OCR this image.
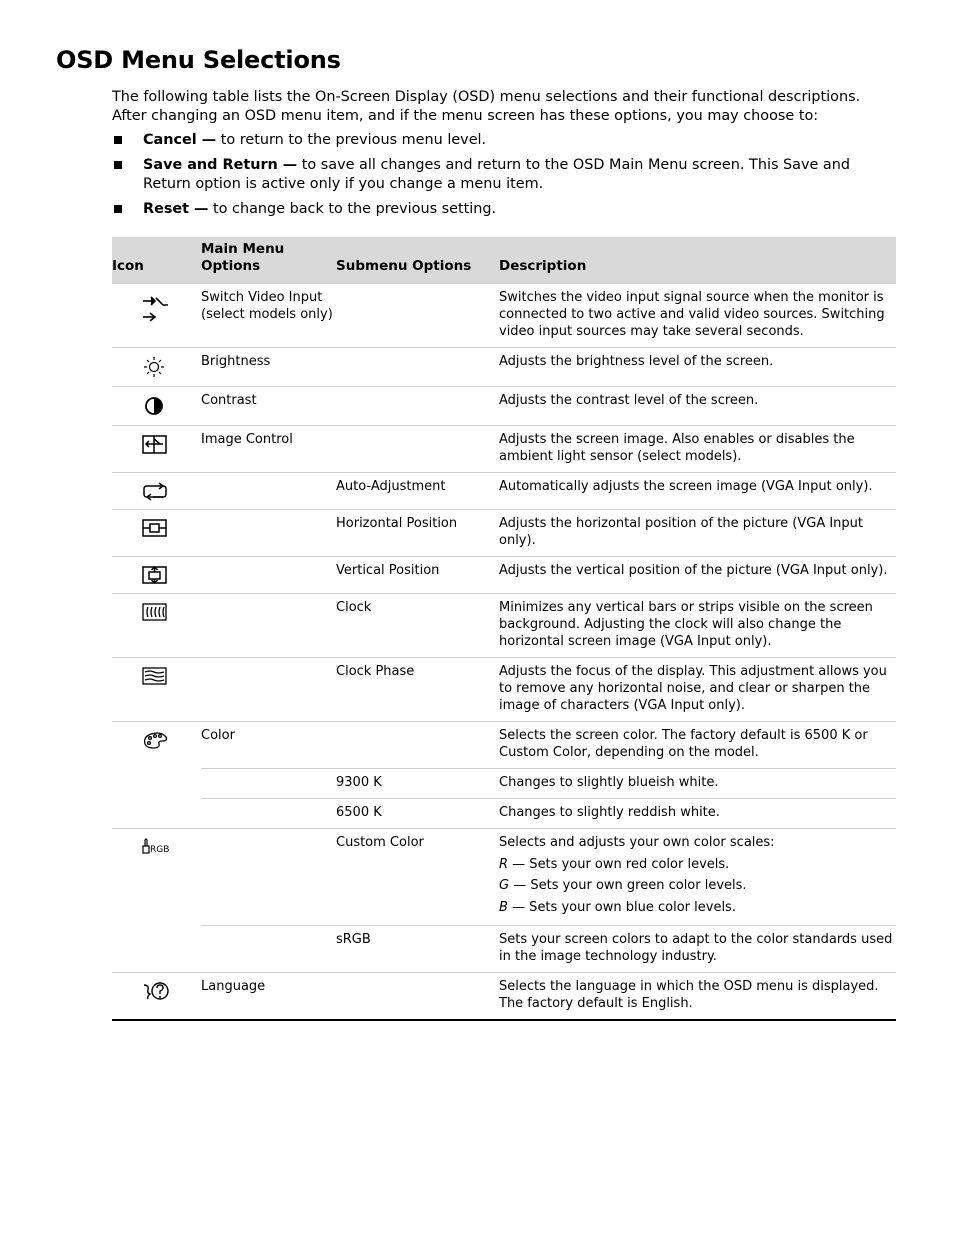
OSD Menu Selections

The following table lists the On-Screen Display (OSD) menu selections and their functional descriptions. After changing an OSD menu item, and if the menu screen has these options, you may choose to:

Cancel — to return to the previous menu level.
Save and Return — to save all changes and return to the OSD Main Menu screen. This Save and Return option is active only if you change a menu item.
Reset — to change back to the previous setting.
Icon	Main Menu Options	Submenu Options	Description

	Switch Video Input (select models only)		Switches the video input signal source when the monitor is connected to two active and valid video sources. Switching video input sources may take several seconds.

	Brightness		Adjusts the brightness level of the screen.

	Contrast		Adjusts the contrast level of the screen.

	Image Control		Adjusts the screen image. Also enables or disables the ambient light sensor (select models).

		Auto-Adjustment	Automatically adjusts the screen image (VGA Input only).

		Horizontal Position	Adjusts the horizontal position of the picture (VGA Input only).

		Vertical Position	Adjusts the vertical position of the picture (VGA Input only).

		Clock	Minimizes any vertical bars or strips visible on the screen background. Adjusting the clock will also change the horizontal screen image (VGA Input only).

		Clock Phase	Adjusts the focus of the display. This adjustment allows you to remove any horizontal noise, and clear or sharpen the image of characters (VGA Input only).

	Color		Selects the screen color. The factory default is 6500 K or Custom Color, depending on the model.
		9300 K	Changes to slightly blueish white.
		6500 K	Changes to slightly reddish white.

RGB		Custom Color	Selects and adjusts your own color scales:
R — Sets your own red color levels.
G — Sets your own green color levels.
B — Sets your own blue color levels.

		sRGB	Sets your screen colors to adapt to the color standards used in the image technology industry.

	Language		Selects the language in which the OSD menu is displayed. The factory default is English.
